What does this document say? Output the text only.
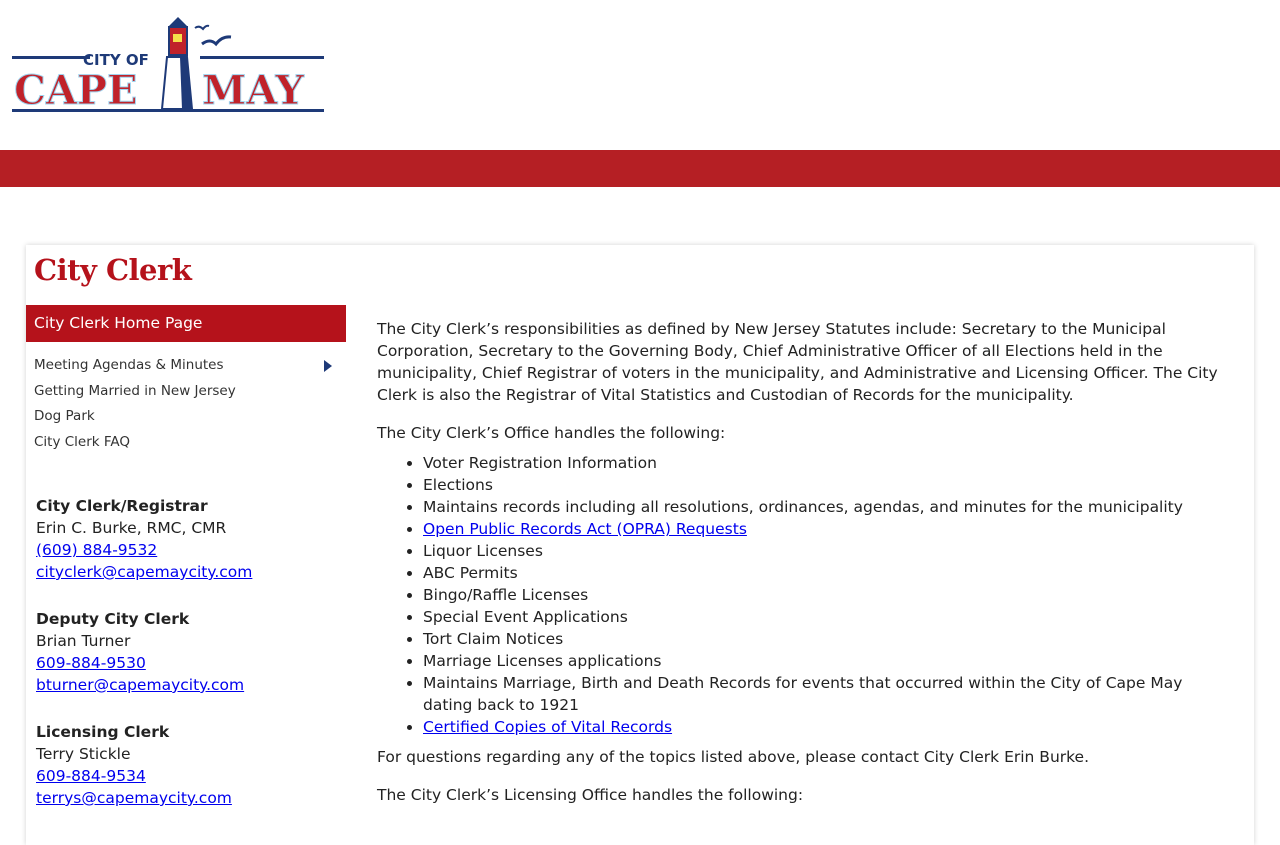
CITY OF
CAPE MAY
City Clerk
City Clerk Home Page
Meeting Agendas & Minutes
Getting Married in New Jersey
Dog Park
City Clerk FAQ
City Clerk/Registrar
Erin C. Burke, RMC, CMR
(609) 884-9532
cityclerk@capemaycity.com
Deputy City Clerk
Brian Turner
609-884-9530
bturner@capemaycity.com
Licensing Clerk
Terry Stickle
609-884-9534
terrys@capemaycity.com

The City Clerk’s responsibilities as defined by New Jersey Statutes include: Secretary to the Municipal Corporation, Secretary to the Governing Body, Chief Administrative Officer of all Elections held in the municipality, Chief Registrar of voters in the municipality, and Administrative and Licensing Officer. The City Clerk is also the Registrar of Vital Statistics and Custodian of Records for the municipality.

The City Clerk’s Office handles the following:

• Voter Registration Information
• Elections
• Maintains records including all resolutions, ordinances, agendas, and minutes for the municipality
• Open Public Records Act (OPRA) Requests
• Liquor Licenses
• ABC Permits
• Bingo/Raffle Licenses
• Special Event Applications
• Tort Claim Notices
• Marriage Licenses applications
• Maintains Marriage, Birth and Death Records for events that occurred within the City of Cape May dating back to 1921
• Certified Copies of Vital Records

For questions regarding any of the topics listed above, please contact City Clerk Erin Burke.

The City Clerk’s Licensing Office handles the following:
